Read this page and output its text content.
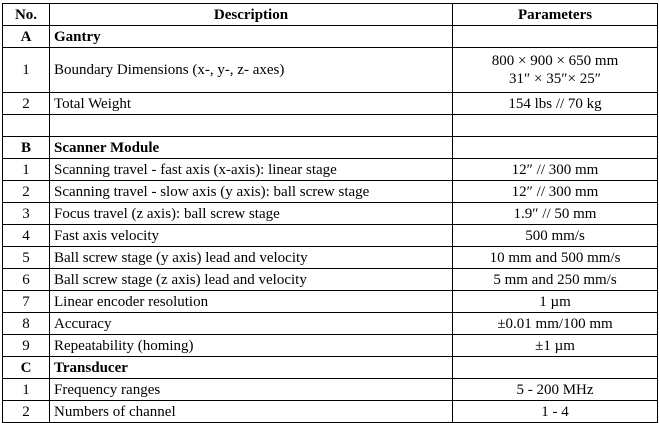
No.	Description	Parameters
A	Gantry	
1	Boundary Dimensions (x-, y-, z- axes)	800 × 900 × 650 mm
31″ × 35″× 25″

2	Total Weight	154 lbs // 70 kg

B	Scanner Module	
1	Scanning travel - fast axis (x-axis): linear stage	12″ // 300 mm
2	Scanning travel - slow axis (y axis): ball screw stage	12″ // 300 mm
3	Focus travel (z axis): ball screw stage	1.9″ // 50 mm
4	Fast axis velocity	500 mm/s
5	Ball screw stage (y axis) lead and velocity	10 mm and 500 mm/s
6	Ball screw stage (z axis) lead and velocity	5 mm and 250 mm/s
7	Linear encoder resolution	1 µm
8	Accuracy	±0.01 mm/100 mm
9	Repeatability (homing)	±1 µm
C	Transducer	
1	Frequency ranges	5 - 200 MHz
2	Numbers of channel	1 - 4
